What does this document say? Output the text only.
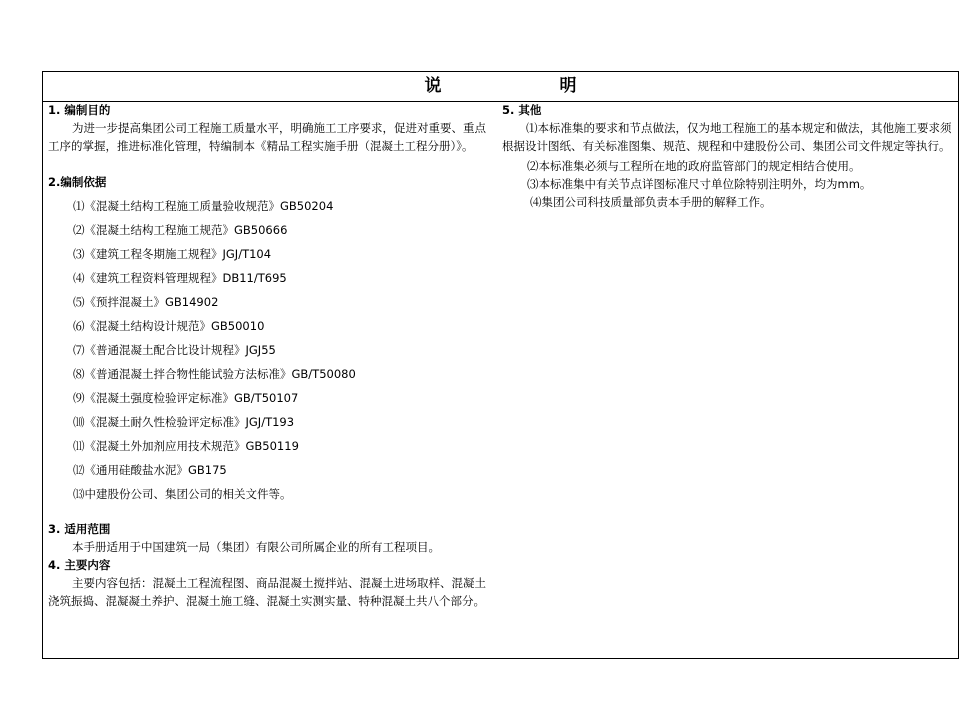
说 明
1. 编制目的
为进一步提高集团公司工程施工质量水平，明确施工工序要求，促进对重要、重点工序的掌握，推进标准化管理，特编制本《精品工程实施手册（混凝土工程分册）》。
2.编制依据
⑴《混凝土结构工程施工质量验收规范》GB50204
⑵《混凝土结构工程施工规范》GB50666
⑶《建筑工程冬期施工规程》JGJ/T104
⑷《建筑工程资料管理规程》DB11/T695
⑸《预拌混凝土》GB14902
⑹《混凝土结构设计规范》GB50010
⑺《普通混凝土配合比设计规程》JGJ55
⑻《普通混凝土拌合物性能试验方法标准》GB/T50080
⑼《混凝土强度检验评定标准》GB/T50107
⑽《混凝土耐久性检验评定标准》JGJ/T193
⑾《混凝土外加剂应用技术规范》GB50119
⑿《通用硅酸盐水泥》GB175
⒀中建股份公司、集团公司的相关文件等。
3. 适用范围
本手册适用于中国建筑一局（集团）有限公司所属企业的所有工程项目。
4. 主要内容
主要内容包括：混凝土工程流程图、商品混凝土搅拌站、混凝土进场取样、混凝土浇筑振捣、混凝凝土养护、混凝土施工缝、混凝土实测实量、特种混凝土共八个部分。
5. 其他
⑴本标准集的要求和节点做法，仅为地工程施工的基本规定和做法，其他施工要求须根据设计图纸、有关标准图集、规范、规程和中建股份公司、集团公司文件规定等执行。
⑵本标准集必须与工程所在地的政府监管部门的规定相结合使用。
⑶本标准集中有关节点详图标准尺寸单位除特别注明外，均为mm。
⑷集团公司科技质量部负责本手册的解释工作。
